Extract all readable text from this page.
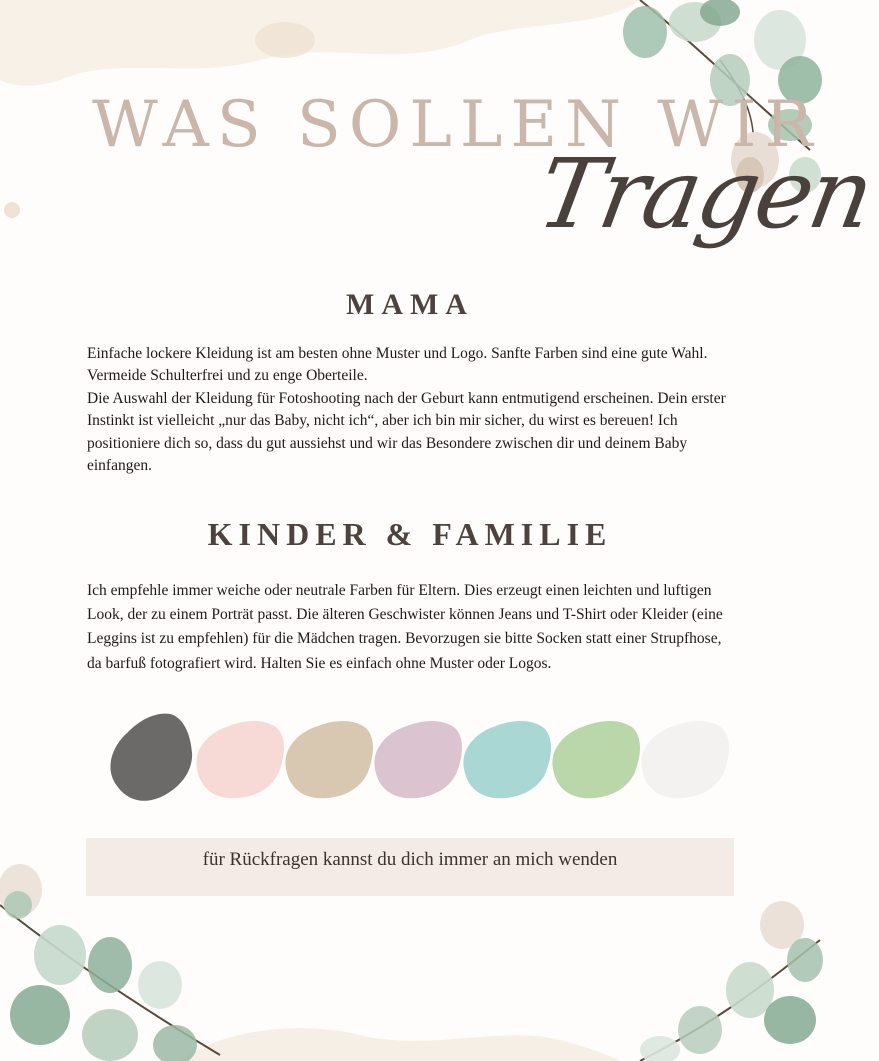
WAS SOLLEN WIR
Tragen
MAMA
Einfache lockere Kleidung ist am besten ohne Muster und Logo. Sanfte Farben sind eine gute Wahl. Vermeide Schulterfrei und zu enge Oberteile.
Die Auswahl der Kleidung für Fotoshooting nach der Geburt kann entmutigend erscheinen. Dein erster Instinkt ist vielleicht „nur das Baby, nicht ich“, aber ich bin mir sicher, du wirst es bereuen! Ich positioniere dich so, dass du gut aussiehst und wir das Besondere zwischen dir und deinem Baby einfangen.
KINDER & FAMILIE
Ich empfehle immer weiche oder neutrale Farben für Eltern. Dies erzeugt einen leichten und luftigen Look, der zu einem Porträt passt. Die älteren Geschwister können Jeans und T-Shirt oder Kleider (eine Leggins ist zu empfehlen) für die Mädchen tragen. Bevorzugen sie bitte Socken statt einer Strupfhose, da barfuß fotografiert wird. Halten Sie es einfach ohne Muster oder Logos.
für Rückfragen kannst du dich immer an mich wenden
